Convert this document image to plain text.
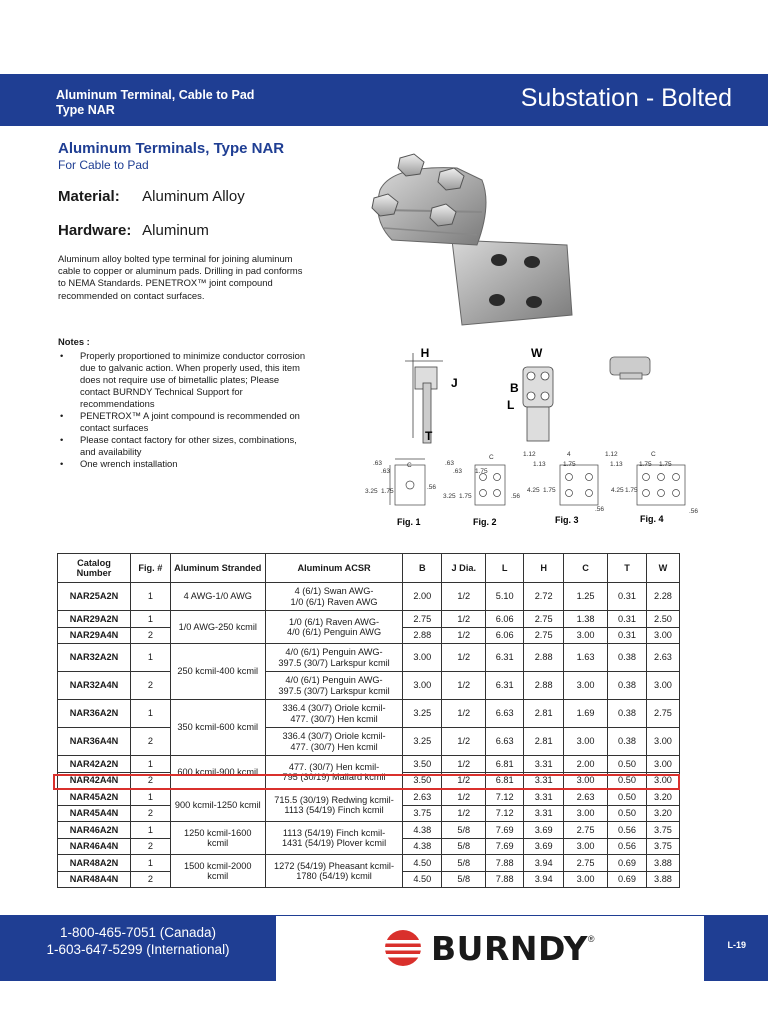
Aluminum Terminal, Cable to Pad
Type NAR	Substation - Bolted
Aluminum Terminals, Type NAR
For Cable to Pad
Material: Aluminum Alloy
Hardware: Aluminum
Aluminum alloy bolted type terminal for joining aluminum cable to copper or aluminum pads. Drilling in pad conforms to NEMA Standards. PENETROX™ joint compound recommended on contact surfaces.
Notes :
• Properly proportioned to minimize conductor corrosion due to galvanic action. When properly used, this item does not require use of bimetallic plates; Please contact BURNDY Technical Support for recommendations
• PENETROX™ A joint compound is recommended on contact surfaces
• Please contact factory for other sizes, combinations, and availability
• One wrench installation
H
J
T
W
B
L
.63	C
.63
3.25 1.75
.56
Fig. 1
.63
C
.63 1.75
3.25 1.75	.56
Fig. 2
1.12	4
1.13	1.75
4.25 1.75
.56
Fig. 3
1.12	C
1.13	1.75 1.75
4.25 1.75
.56
Fig. 4
Catalog Number	Fig. #	Aluminum Stranded	Aluminum ACSR	B	J Dia.	L	H	C	T	W
NAR25A2N	1	4 AWG-1/0 AWG	4 (6/1) Swan AWG-
1/0 (6/1) Raven AWG	2.00	1/2	5.10	2.72	1.25	0.31	2.28
NAR29A2N	1	1/0 AWG-250 kcmil	1/0 (6/1) Raven AWG-
4/0 (6/1) Penguin AWG	2.75	1/2	6.06	2.75	1.38	0.31	2.50
NAR29A4N	2			2.88	1/2	6.06	2.75	3.00	0.31	3.00
NAR32A2N	1	250 kcmil-400 kcmil	4/0 (6/1) Penguin AWG-
397.5 (30/7) Larkspur kcmil	3.00	1/2	6.31	2.88	1.63	0.38	2.63
NAR32A4N	2		4/0 (6/1) Penguin AWG-
397.5 (30/7) Larkspur kcmil	3.00	1/2	6.31	2.88	3.00	0.38	3.00
NAR36A2N	1	350 kcmil-600 kcmil	336.4 (30/7) Oriole kcmil-
477. (30/7) Hen kcmil	3.25	1/2	6.63	2.81	1.69	0.38	2.75
NAR36A4N	2		336.4 (30/7) Oriole kcmil-
477. (30/7) Hen kcmil	3.25	1/2	6.63	2.81	3.00	0.38	3.00
NAR42A2N	1	600 kcmil-900 kcmil	477. (30/7) Hen kcmil-
795 (30/19) Mallard kcmil	3.50	1/2	6.81	3.31	2.00	0.50	3.00
NAR42A4N	2			3.50	1/2	6.81	3.31	3.00	0.50	3.00
NAR45A2N	1	900 kcmil-1250 kcmil	715.5 (30/19) Redwing kcmil-
1113 (54/19) Finch kcmil	2.63	1/2	7.12	3.31	2.63	0.50	3.20
NAR45A4N	2			3.75	1/2	7.12	3.31	3.00	0.50	3.20
NAR46A2N	1	1250 kcmil-1600 kcmil	1113 (54/19) Finch kcmil-
1431 (54/19) Plover kcmil	4.38	5/8	7.69	3.69	2.75	0.56	3.75
NAR46A4N	2			4.38	5/8	7.69	3.69	3.00	0.56	3.75
NAR48A2N	1	1500 kcmil-2000 kcmil	1272 (54/19) Pheasant kcmil-
1780 (54/19) kcmil	4.50	5/8	7.88	3.94	2.75	0.69	3.88
NAR48A4N	2			4.50	5/8	7.88	3.94	3.00	0.69	3.88
1-800-465-7051 (Canada)
1-603-647-5299 (International)	L-19
BURNDY ®
